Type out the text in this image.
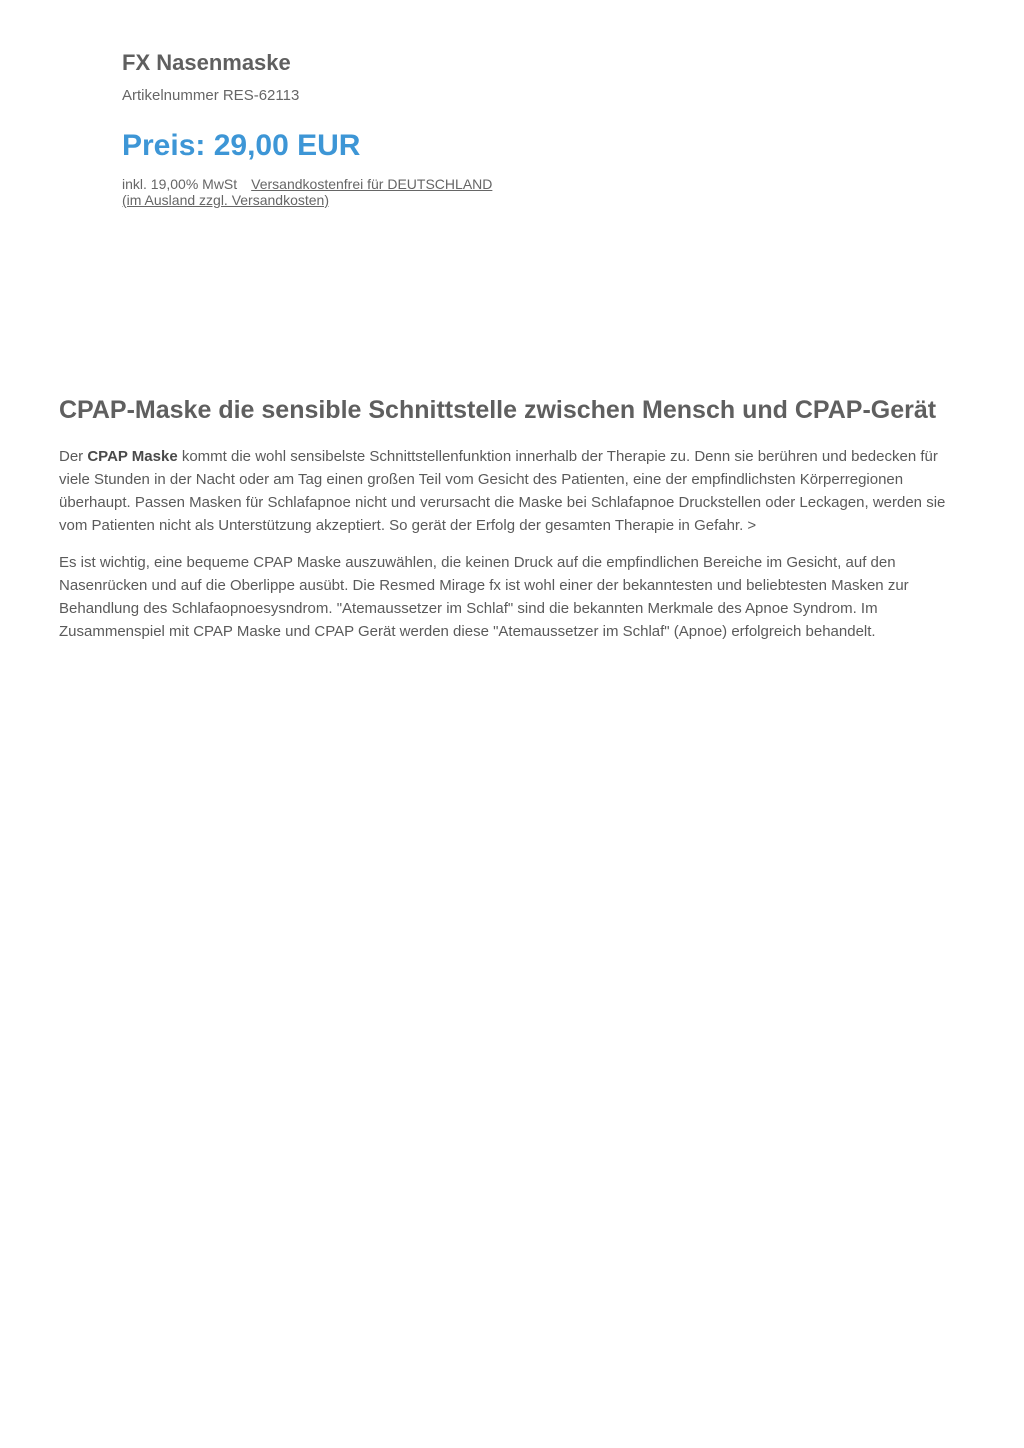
FX Nasenmaske
Artikelnummer RES-62113
Preis: 29,00 EUR
inkl. 19,00% MwSt Versandkostenfrei für DEUTSCHLAND (im Ausland zzgl. Versandkosten)
CPAP-Maske die sensible Schnittstelle zwischen Mensch und CPAP-Gerät

Der CPAP Maske kommt die wohl sensibelste Schnittstellenfunktion innerhalb der Therapie zu. Denn sie berühren und bedecken für viele Stunden in der Nacht oder am Tag einen großen Teil vom Gesicht des Patienten, eine der empfindlichsten Körperregionen überhaupt. Passen Masken für Schlafapnoe nicht und verursacht die Maske bei Schlafapnoe Druckstellen oder Leckagen, werden sie vom Patienten nicht als Unterstützung akzeptiert. So gerät der Erfolg der gesamten Therapie in Gefahr. >

Es ist wichtig, eine bequeme CPAP Maske auszuwählen, die keinen Druck auf die empfindlichen Bereiche im Gesicht, auf den Nasenrücken und auf die Oberlippe ausübt. Die Resmed Mirage fx ist wohl einer der bekanntesten und beliebtesten Masken zur Behandlung des Schlafaopnoesysndrom. "Atemaussetzer im Schlaf" sind die bekannten Merkmale des Apnoe Syndrom. Im Zusammenspiel mit CPAP Maske und CPAP Gerät werden diese "Atemaussetzer im Schlaf" (Apnoe) erfolgreich behandelt.
